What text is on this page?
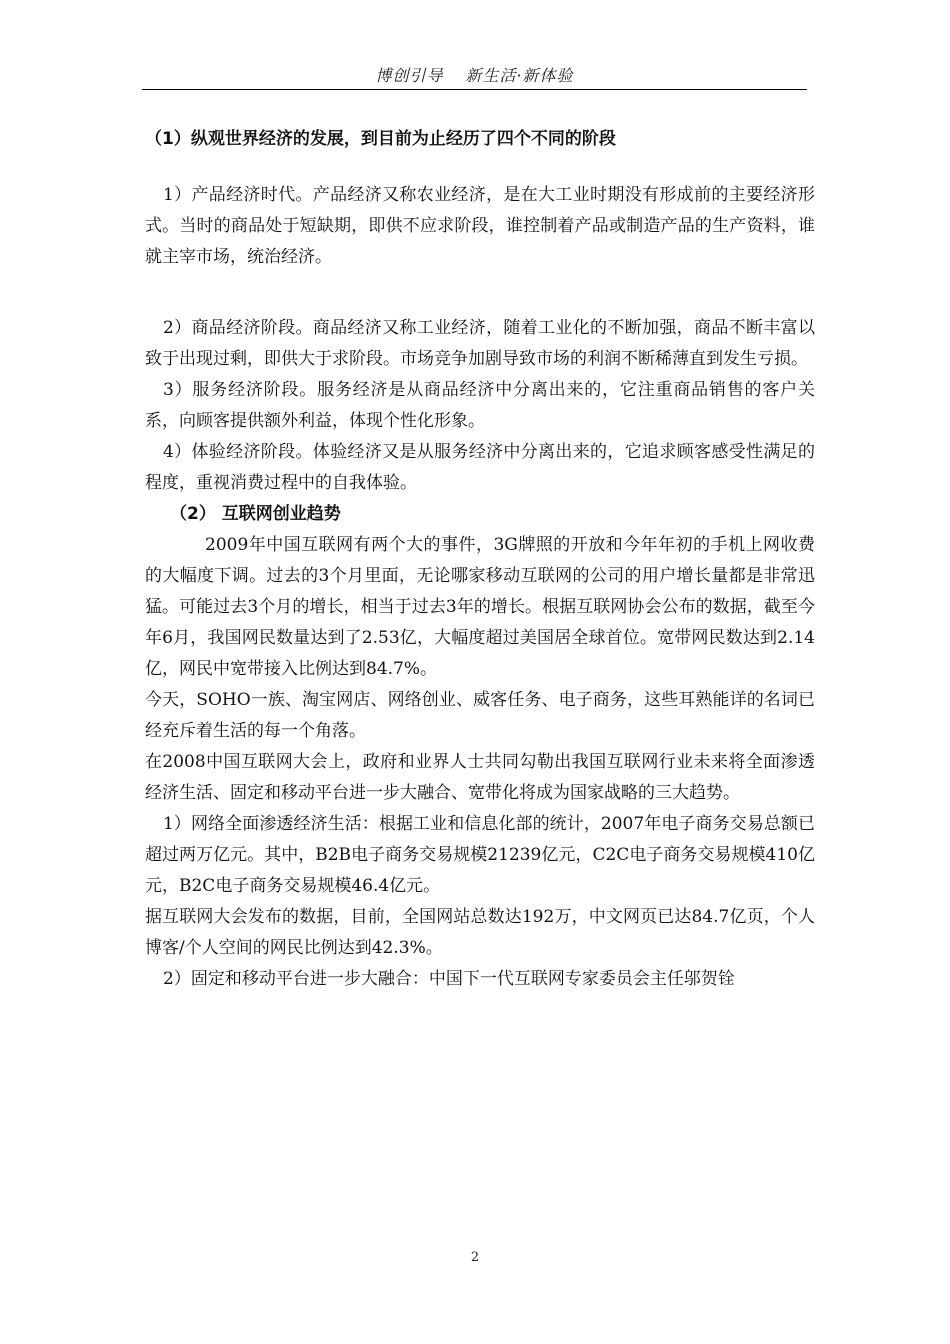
博创引导 新生活·新体验

（1）纵观世界经济的发展，到目前为止经历了四个不同的阶段

1）产品经济时代。产品经济又称农业经济，是在大工业时期没有形成前的主要经济形式。当时的商品处于短缺期，即供不应求阶段，谁控制着产品或制造产品的生产资料，谁就主宰市场，统治经济。

2）商品经济阶段。商品经济又称工业经济，随着工业化的不断加强，商品不断丰富以致于出现过剩，即供大于求阶段。市场竞争加剧导致市场的利润不断稀薄直到发生亏损。

3）服务经济阶段。服务经济是从商品经济中分离出来的，它注重商品销售的客户关系，向顾客提供额外利益，体现个性化形象。

4）体验经济阶段。体验经济又是从服务经济中分离出来的，它追求顾客感受性满足的程度，重视消费过程中的自我体验。

（2） 互联网创业趋势

2009年中国互联网有两个大的事件，3G牌照的开放和今年年初的手机上网收费的大幅度下调。过去的3个月里面，无论哪家移动互联网的公司的用户增长量都是非常迅猛。可能过去3个月的增长，相当于过去3年的增长。根据互联网协会公布的数据，截至今年6月，我国网民数量达到了2.53亿，大幅度超过美国居全球首位。宽带网民数达到2.14亿，网民中宽带接入比例达到84.7%。

今天，SOHO一族、淘宝网店、网络创业、威客任务、电子商务，这些耳熟能详的名词已经充斥着生活的每一个角落。

在2008中国互联网大会上，政府和业界人士共同勾勒出我国互联网行业未来将全面渗透经济生活、固定和移动平台进一步大融合、宽带化将成为国家战略的三大趋势。

1）网络全面渗透经济生活：根据工业和信息化部的统计，2007年电子商务交易总额已超过两万亿元。其中，B2B电子商务交易规模21239亿元，C2C电子商务交易规模410亿元，B2C电子商务交易规模46.4亿元。

据互联网大会发布的数据，目前，全国网站总数达192万，中文网页已达84.7亿页，个人博客/个人空间的网民比例达到42.3%。

2）固定和移动平台进一步大融合：中国下一代互联网专家委员会主任邬贺铨

2
